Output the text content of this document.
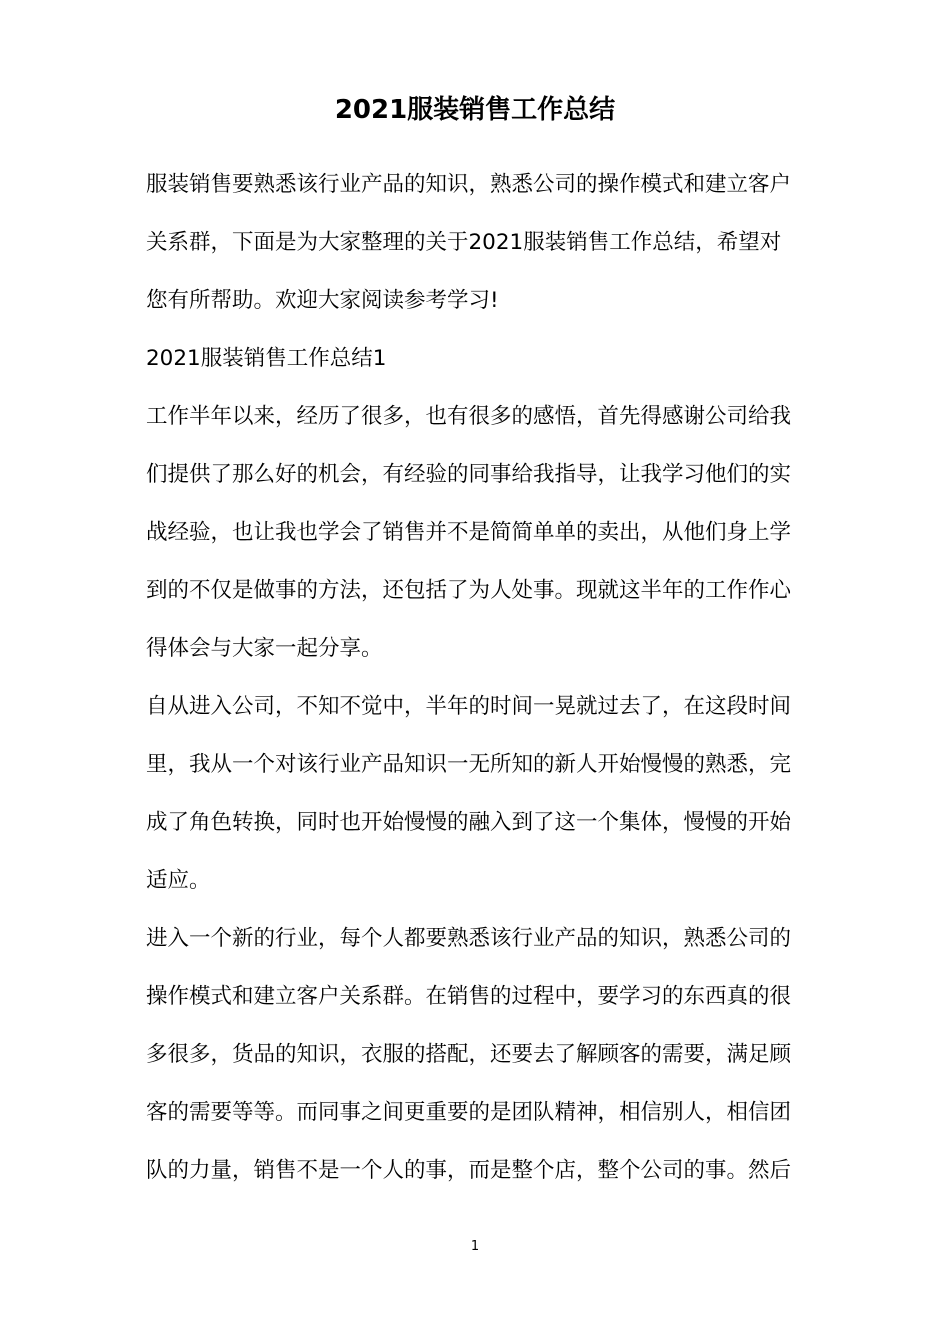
2021服装销售工作总结

服装销售要熟悉该行业产品的知识，熟悉公司的操作模式和建立客户

关系群，下面是为大家整理的关于2021服装销售工作总结，希望对

您有所帮助。欢迎大家阅读参考学习!

2021服装销售工作总结1

工作半年以来，经历了很多，也有很多的感悟，首先得感谢公司给我

们提供了那么好的机会，有经验的同事给我指导，让我学习他们的实

战经验，也让我也学会了销售并不是简简单单的卖出，从他们身上学

到的不仅是做事的方法，还包括了为人处事。现就这半年的工作作心

得体会与大家一起分享。

自从进入公司，不知不觉中，半年的时间一晃就过去了，在这段时间

里，我从一个对该行业产品知识一无所知的新人开始慢慢的熟悉，完

成了角色转换，同时也开始慢慢的融入到了这一个集体，慢慢的开始

适应。

进入一个新的行业，每个人都要熟悉该行业产品的知识，熟悉公司的

操作模式和建立客户关系群。在销售的过程中，要学习的东西真的很

多很多，货品的知识，衣服的搭配，还要去了解顾客的需要，满足顾

客的需要等等。而同事之间更重要的是团队精神，相信别人，相信团

队的力量，销售不是一个人的事，而是整个店，整个公司的事。然后

1
